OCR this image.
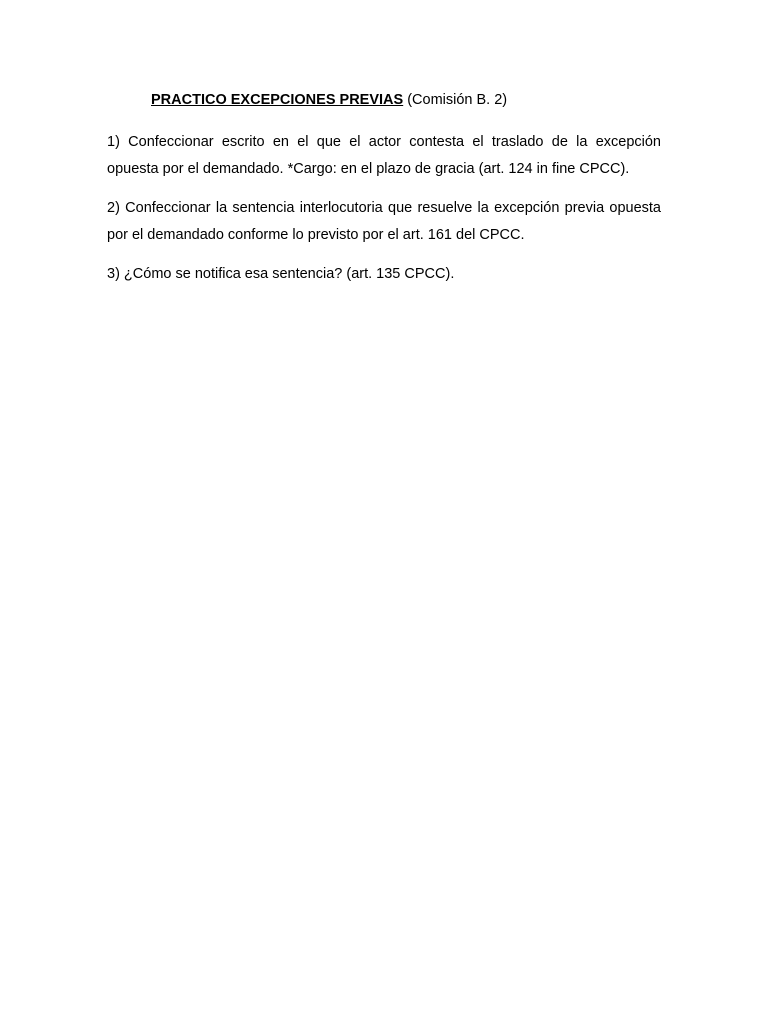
PRACTICO EXCEPCIONES PREVIAS (Comisión B. 2)

1) Confeccionar escrito en el que el actor contesta el traslado de la excepción opuesta por el demandado. *Cargo: en el plazo de gracia (art. 124 in fine CPCC).

2) Confeccionar la sentencia interlocutoria que resuelve la excepción previa opuesta por el demandado conforme lo previsto por el art. 161 del CPCC.

3) ¿Cómo se notifica esa sentencia? (art. 135 CPCC).
